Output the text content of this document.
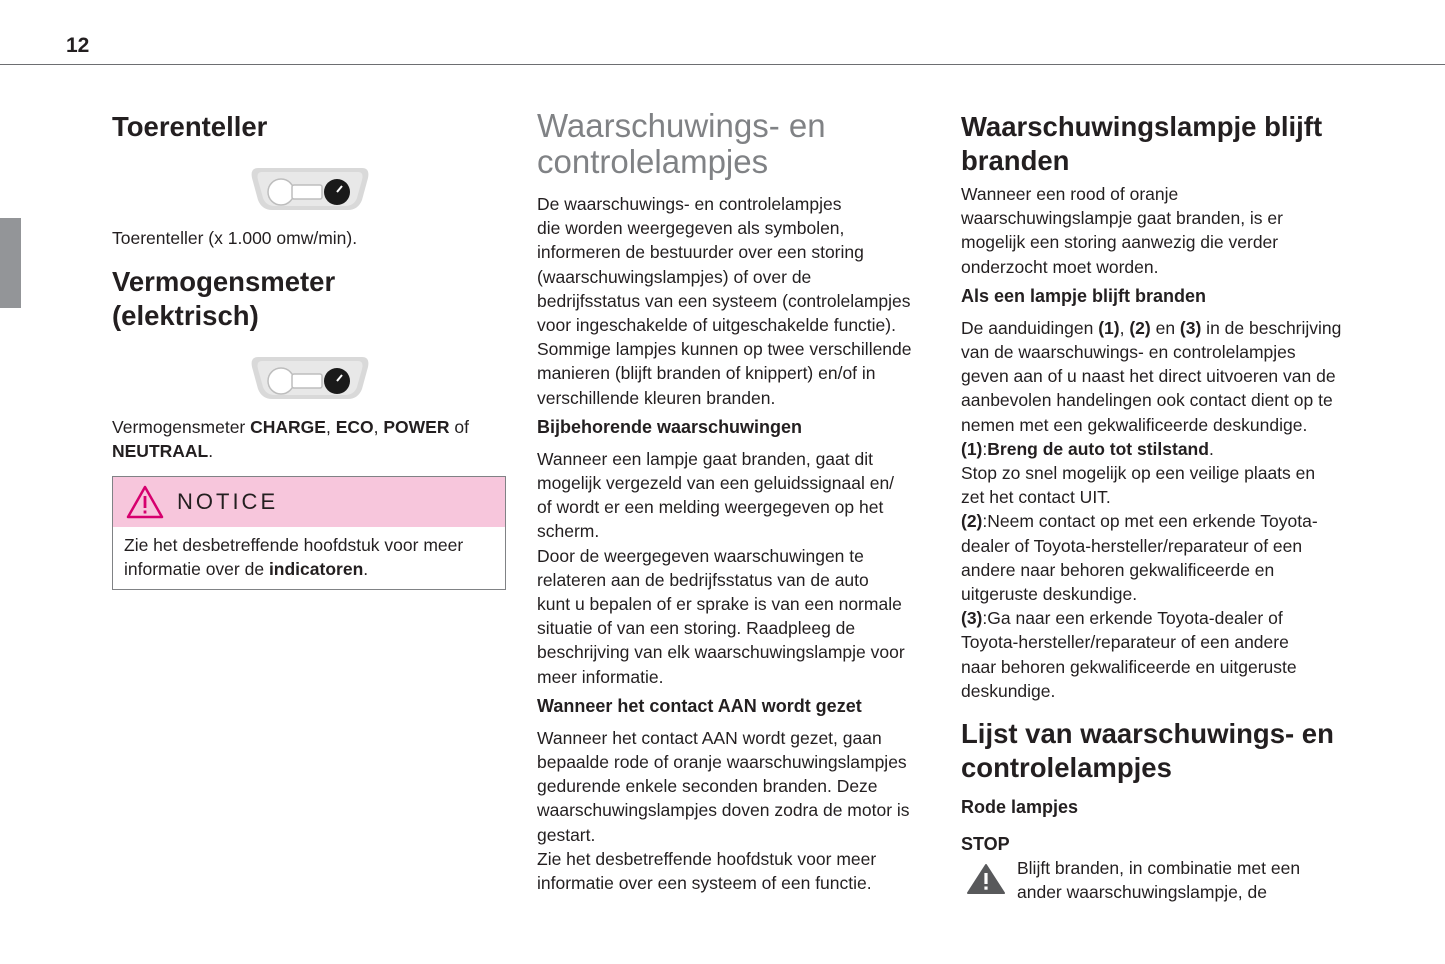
12
Toerenteller

Toerenteller (x 1.000 omw/min).

Vermogensmeter
(elektrisch)

Vermogensmeter CHARGE, ECO, POWER of
NEUTRAAL.

NOTICE

Zie het desbetreffende hoofdstuk voor meer
informatie over de indicatoren.

Waarschuwings- en
controlelampjes

De waarschuwings- en controlelampjes
die worden weergegeven als symbolen,
informeren de bestuurder over een storing
(waarschuwingslampjes) of over de
bedrijfsstatus van een systeem (controlelampjes
voor ingeschakelde of uitgeschakelde functie).
Sommige lampjes kunnen op twee verschillende
manieren (blijft branden of knippert) en/of in
verschillende kleuren branden.

Bijbehorende waarschuwingen

Wanneer een lampje gaat branden, gaat dit
mogelijk vergezeld van een geluidssignaal en/
of wordt er een melding weergegeven op het
scherm.
Door de weergegeven waarschuwingen te
relateren aan de bedrijfsstatus van de auto
kunt u bepalen of er sprake is van een normale
situatie of van een storing. Raadpleeg de
beschrijving van elk waarschuwingslampje voor
meer informatie.

Wanneer het contact AAN wordt gezet

Wanneer het contact AAN wordt gezet, gaan
bepaalde rode of oranje waarschuwingslampjes
gedurende enkele seconden branden. Deze
waarschuwingslampjes doven zodra de motor is
gestart.
Zie het desbetreffende hoofdstuk voor meer
informatie over een systeem of een functie.

Waarschuwingslampje blijft
branden

Wanneer een rood of oranje
waarschuwingslampje gaat branden, is er
mogelijk een storing aanwezig die verder
onderzocht moet worden.

Als een lampje blijft branden

De aanduidingen (1), (2) en (3) in de beschrijving
van de waarschuwings- en controlelampjes
geven aan of u naast het direct uitvoeren van de
aanbevolen handelingen ook contact dient op te
nemen met een gekwalificeerde deskundige.
(1):Breng de auto tot stilstand.
Stop zo snel mogelijk op een veilige plaats en
zet het contact UIT.
(2):Neem contact op met een erkende Toyota-
dealer of Toyota-hersteller/reparateur of een
andere naar behoren gekwalificeerde en
uitgeruste deskundige.
(3):Ga naar een erkende Toyota-dealer of
Toyota-hersteller/reparateur of een andere
naar behoren gekwalificeerde en uitgeruste
deskundige.

Lijst van waarschuwings- en
controlelampjes
Rode lampjes
STOP

Blijft branden, in combinatie met een
ander waarschuwingslampje, de
